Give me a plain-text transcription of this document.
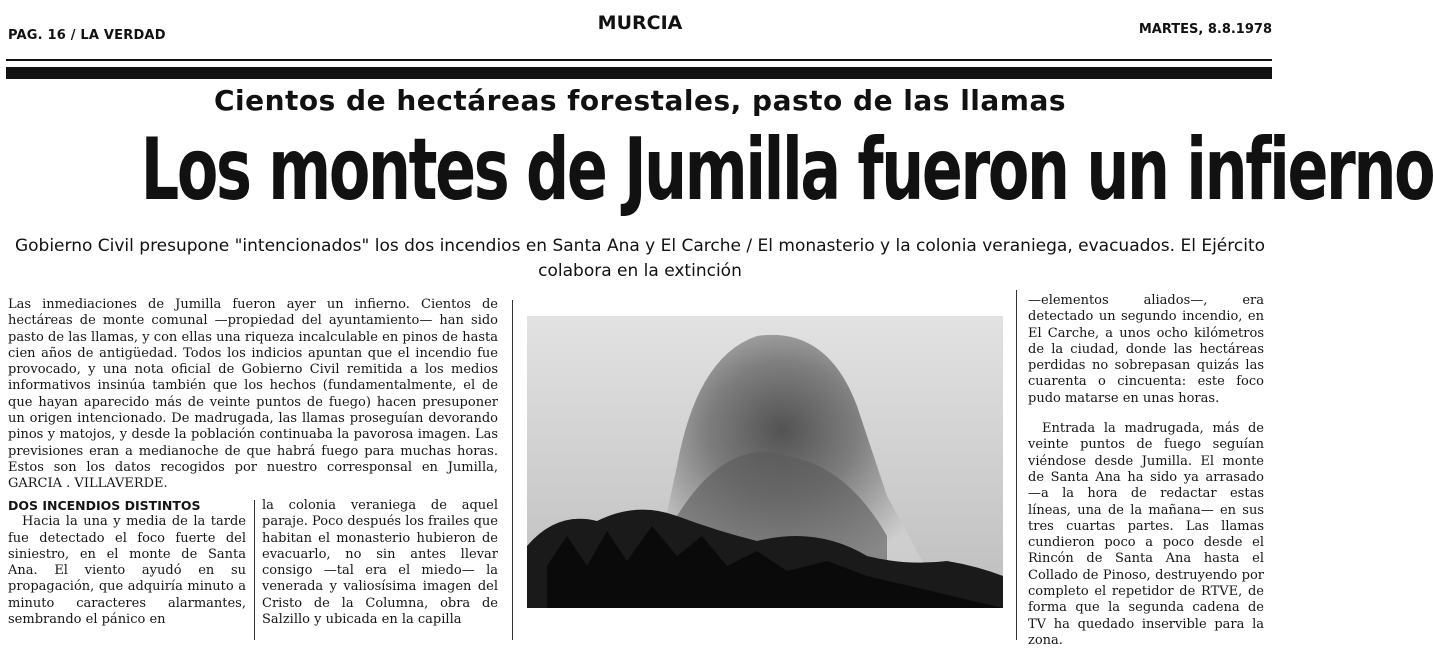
PAG. 16 / LA VERDAD
MURCIA	MARTES, 8.8.1978
Cientos de hectáreas forestales, pasto de las llamas
Los montes de Jumilla fueron un infierno
Gobierno Civil presupone "intencionados" los dos incendios en Santa Ana y El Carche / El monasterio y la colonia veraniega, evacuados. El Ejército colabora en la extinción
Las inmediaciones de Jumilla fueron ayer un infierno. Cientos de hectáreas de monte comunal —propiedad del ayuntamiento— han sido pasto de las llamas, y con ellas una riqueza incalculable en pinos de hasta cien años de antigüedad. Todos los indicios apuntan que el incendio fue provocado, y una nota oficial de Gobierno Civil remitida a los medios informativos insinúa también que los hechos (fundamentalmente, el de que hayan aparecido más de veinte puntos de fuego) hacen presuponer un origen intencionado. De madrugada, las llamas proseguían devorando pinos y matojos, y desde la población continuaba la pavorosa imagen. Las previsiones eran a medianoche de que habrá fuego para muchas horas. Estos son los datos recogidos por nuestro corresponsal en Jumilla, GARCIA . VILLAVERDE.
DOS INCENDIOS DISTINTOS
Hacia la una y media de la tarde fue detectado el foco fuerte del siniestro, en el monte de Santa Ana. El viento ayudó en su propagación, que adquiría minuto a minuto caracteres alarmantes, sembrando el pánico en
la colonia veraniega de aquel paraje. Poco después los frailes que habitan el monasterio hubieron de evacuarlo, no sin antes llevar consigo —tal era el miedo— la venerada y valiosísima imagen del Cristo de la Columna, obra de Salzillo y ubicada en la capilla
—elementos aliados—, era detectado un segundo incendio, en El Carche, a unos ocho kilómetros de la ciudad, donde las hectáreas perdidas no sobrepasan quizás las cuarenta o cincuenta: este foco pudo matarse en unas horas.
Entrada la madrugada, más de veinte puntos de fuego seguían viéndose desde Jumilla. El monte de Santa Ana ha sido ya arrasado —a la hora de redactar estas líneas, una de la mañana— en sus tres cuartas partes. Las llamas cundieron poco a poco desde el Rincón de Santa Ana hasta el Collado de Pinoso, destruyendo por completo el repetidor de RTVE, de forma que la segunda cadena de TV ha quedado inservible para la zona.
